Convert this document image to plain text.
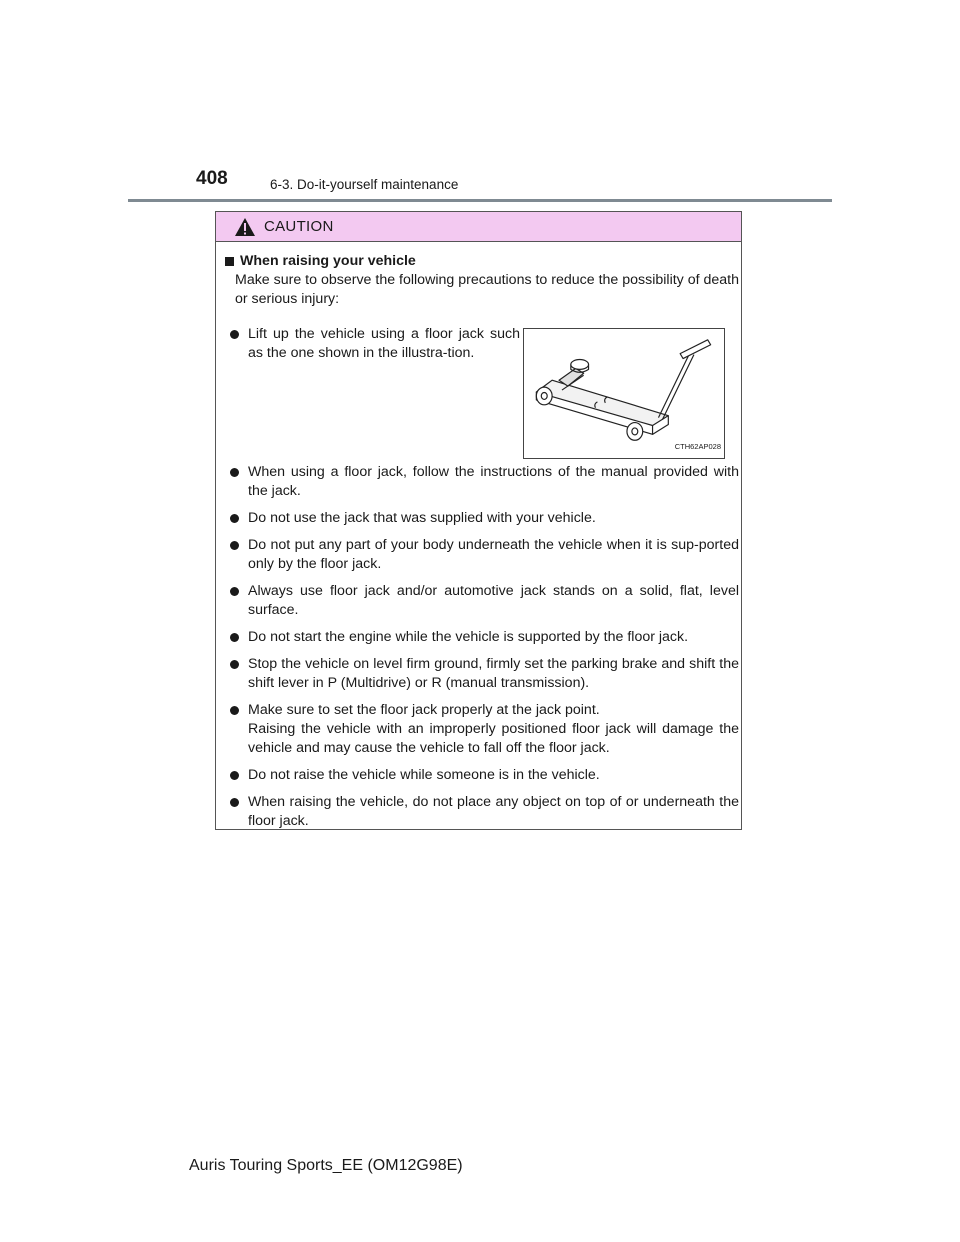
408	6-3. Do-it-yourself maintenance
CAUTION
When raising your vehicle
Make sure to observe the following precautions to reduce the possibility of death or serious injury:
Lift up the vehicle using a floor jack such as the one shown in the illustra-tion.
CTH62AP028
When using a floor jack, follow the instructions of the manual provided with the jack.
Do not use the jack that was supplied with your vehicle.
Do not put any part of your body underneath the vehicle when it is sup-ported only by the floor jack.
Always use floor jack and/or automotive jack stands on a solid, flat, level surface.
Do not start the engine while the vehicle is supported by the floor jack.
Stop the vehicle on level firm ground, firmly set the parking brake and shift the shift lever in P (Multidrive) or R (manual transmission).
Make sure to set the floor jack properly at the jack point.
Raising the vehicle with an improperly positioned floor jack will damage the vehicle and may cause the vehicle to fall off the floor jack.
Do not raise the vehicle while someone is in the vehicle.
When raising the vehicle, do not place any object on top of or underneath the floor jack.
Auris Touring Sports_EE (OM12G98E)
